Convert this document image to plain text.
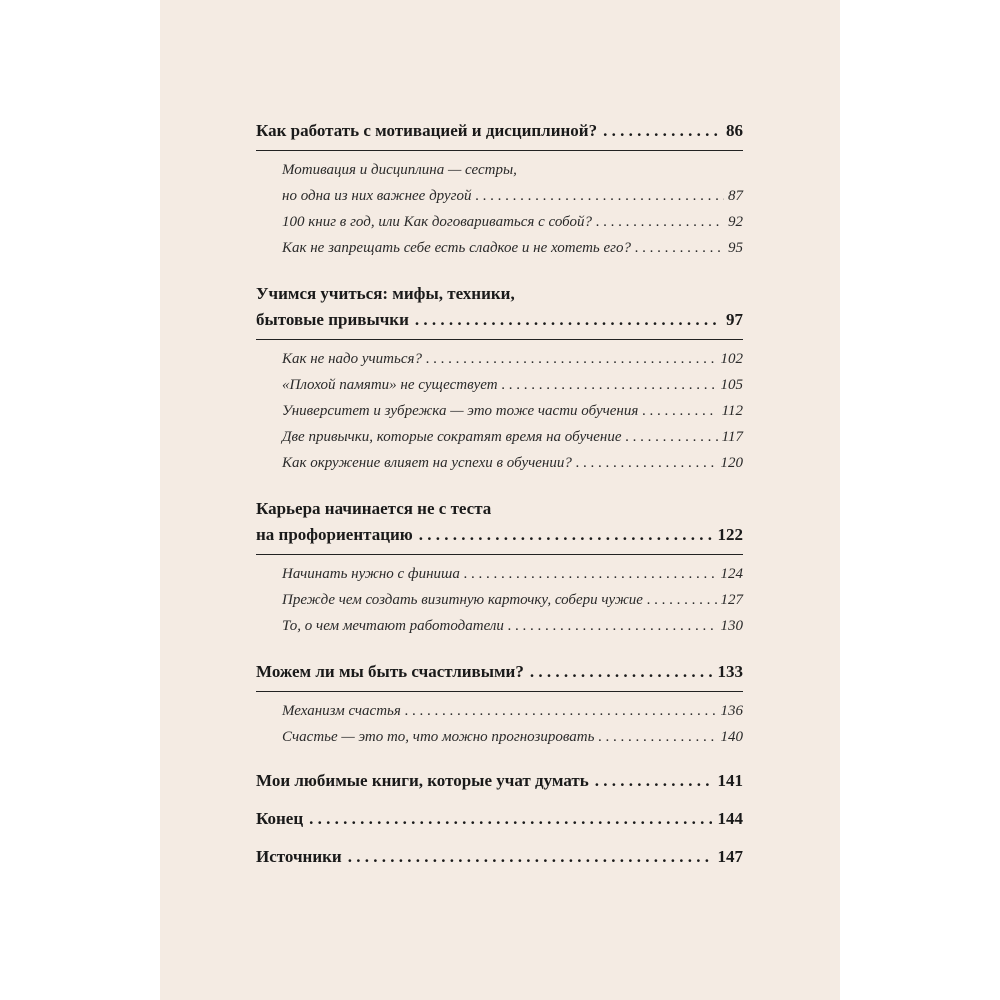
Как работать с мотивацией и дисциплиной? . . .	86
Мотивация и дисциплина — сестры,
но одна из них важнее другой . . .	87
100 книг в год, или Как договариваться с собой? . . .	92
Как не запрещать себе есть сладкое и не хотеть его? . . .	95
Учимся учиться: мифы, техники,
бытовые привычки . . .	97
Как не надо учиться? . . .	102
«Плохой памяти» не существует . . .	105
Университет и зубрежка — это тоже части обучения . . .	112
Две привычки, которые сократят время на обучение . . .	117
Как окружение влияет на успехи в обучении? . . .	120
Карьера начинается не с теста
на профориентацию . . .	122
Начинать нужно с финиша . . .	124
Прежде чем создать визитную карточку, собери чужие . . .	127
То, о чем мечтают работодатели . . .	130
Можем ли мы быть счастливыми? . . .	133
Механизм счастья . . .	136
Счастье — это то, что можно прогнозировать . . .	140
Мои любимые книги, которые учат думать . . .	141
Конец . . .	144
Источники . . .	147
